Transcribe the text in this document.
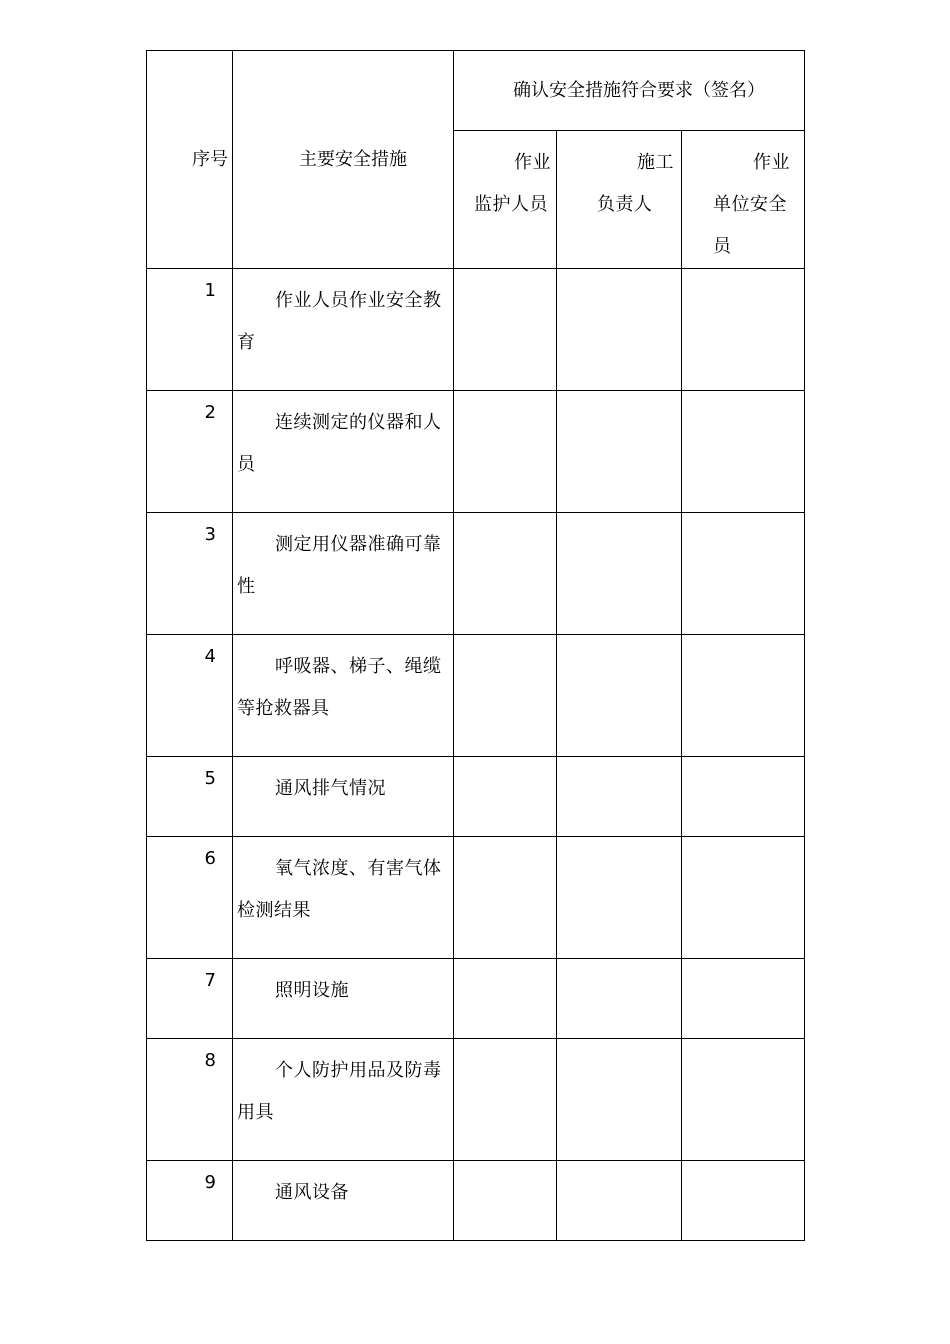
序号	主要安全措施	确认安全措施符合要求（签名）		
		作业监护人员	施工负责人	作业单位安全员
1	作业人员作业安全教育			
2	连续测定的仪器和人员			
3	测定用仪器准确可靠性			
4	呼吸器、梯子、绳缆等抢救器具			
5	通风排气情况			
6	氧气浓度、有害气体检测结果			
7	照明设施			
8	个人防护用品及防毒用具			
9	通风设备			
